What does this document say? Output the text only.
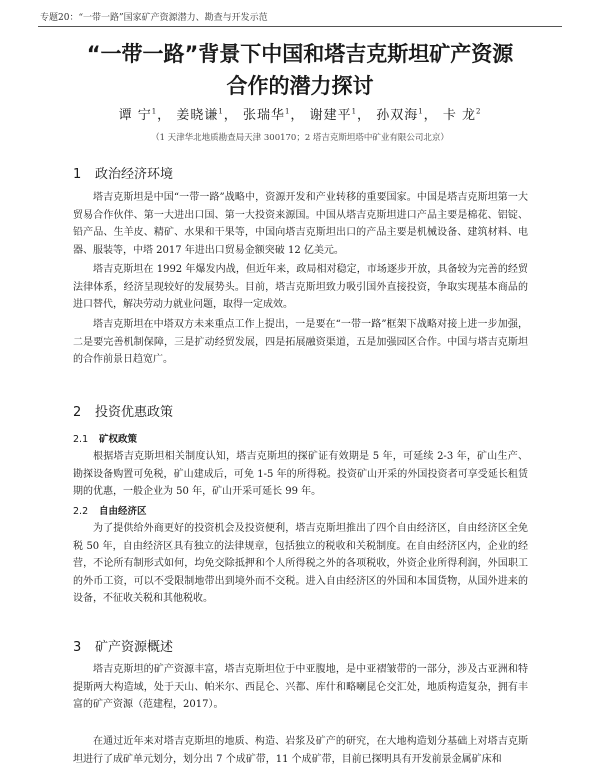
专题20：“一带一路”国家矿产资源潜力、勘查与开发示范
“一带一路”背景下中国和塔吉克斯坦矿产资源
合作的潜力探讨
谭 宁$^1$， 姜晓谦$^1$， 张瑞华$^1$， 谢建平$^1$， 孙双海$^1$， 卡 龙$^2$
（1 天津华北地质勘查局天津 300170；2 塔吉克斯坦塔中矿业有限公司北京）
1 政治经济环境

塔吉克斯坦是中国“一带一路”战略中，资源开发和产业转移的重要国家。中国是塔吉克斯坦第一大贸易合作伙伴、第一大进出口国、第一大投资来源国。中国从塔吉克斯坦进口产品主要是棉花、铝锭、铅产品、生羊皮、精矿、水果和干果等，中国向塔吉克斯坦出口的产品主要是机械设备、建筑材料、电器、服装等，中塔 2017 年进出口贸易金额突破 12 亿美元。

塔吉克斯坦在 1992 年爆发内战，但近年来，政局相对稳定，市场逐步开放，具备较为完善的经贸法律体系，经济呈现较好的发展势头。目前，塔吉克斯坦致力吸引国外直接投资，争取实现基本商品的进口替代，解决劳动力就业问题，取得一定成效。

塔吉克斯坦在中塔双方未来重点工作上提出，一是要在“一带一路”框架下战略对接上进一步加强，二是要完善机制保障，三是扩动经贸发展，四是拓展融资渠道，五是加强园区合作。中国与塔吉克斯坦的合作前景日趋宽广。

2 投资优惠政策
2.1 矿权政策

根据塔吉克斯坦相关制度认知，塔吉克斯坦的探矿证有效期是 5 年，可延续 2-3 年，矿山生产、勘探设备购置可免税，矿山建成后，可免 1-5 年的所得税。投资矿山开采的外国投资者可享受延长租赁期的优惠，一般企业为 50 年，矿山开采可延长 99 年。

2.2 自由经济区

为了提供给外商更好的投资机会及投资便利，塔吉克斯坦推出了四个自由经济区，自由经济区全免税 50 年，自由经济区具有独立的法律规章，包括独立的税收和关税制度。在自由经济区内，企业的经营，不论所有制形式如何，均免交除抵押和个人所得税之外的各项税收，外资企业所得利润，外国职工的外币工资，可以不受限制地带出到境外而不交税。进入自由经济区的外国和本国货物，从国外进来的设备，不征收关税和其他税收。

3 矿产资源概述

塔吉克斯坦的矿产资源丰富，塔吉克斯坦位于中亚腹地，是中亚褶皱带的一部分，涉及古亚洲和特提斯两大构造域，处于天山、帕米尔、西昆仑、兴都、库什和略喇昆仑交汇处，地质构造复杂，拥有丰富的矿产资源（范建程，2017）。

在通过近年来对塔吉克斯坦的地质、构造、岩浆及矿产的研究，在大地构造划分基础上对塔吉克斯坦进行了成矿单元划分，划分出 7 个成矿带，11 个成矿带，目前已探明具有开发前景金属矿床和
